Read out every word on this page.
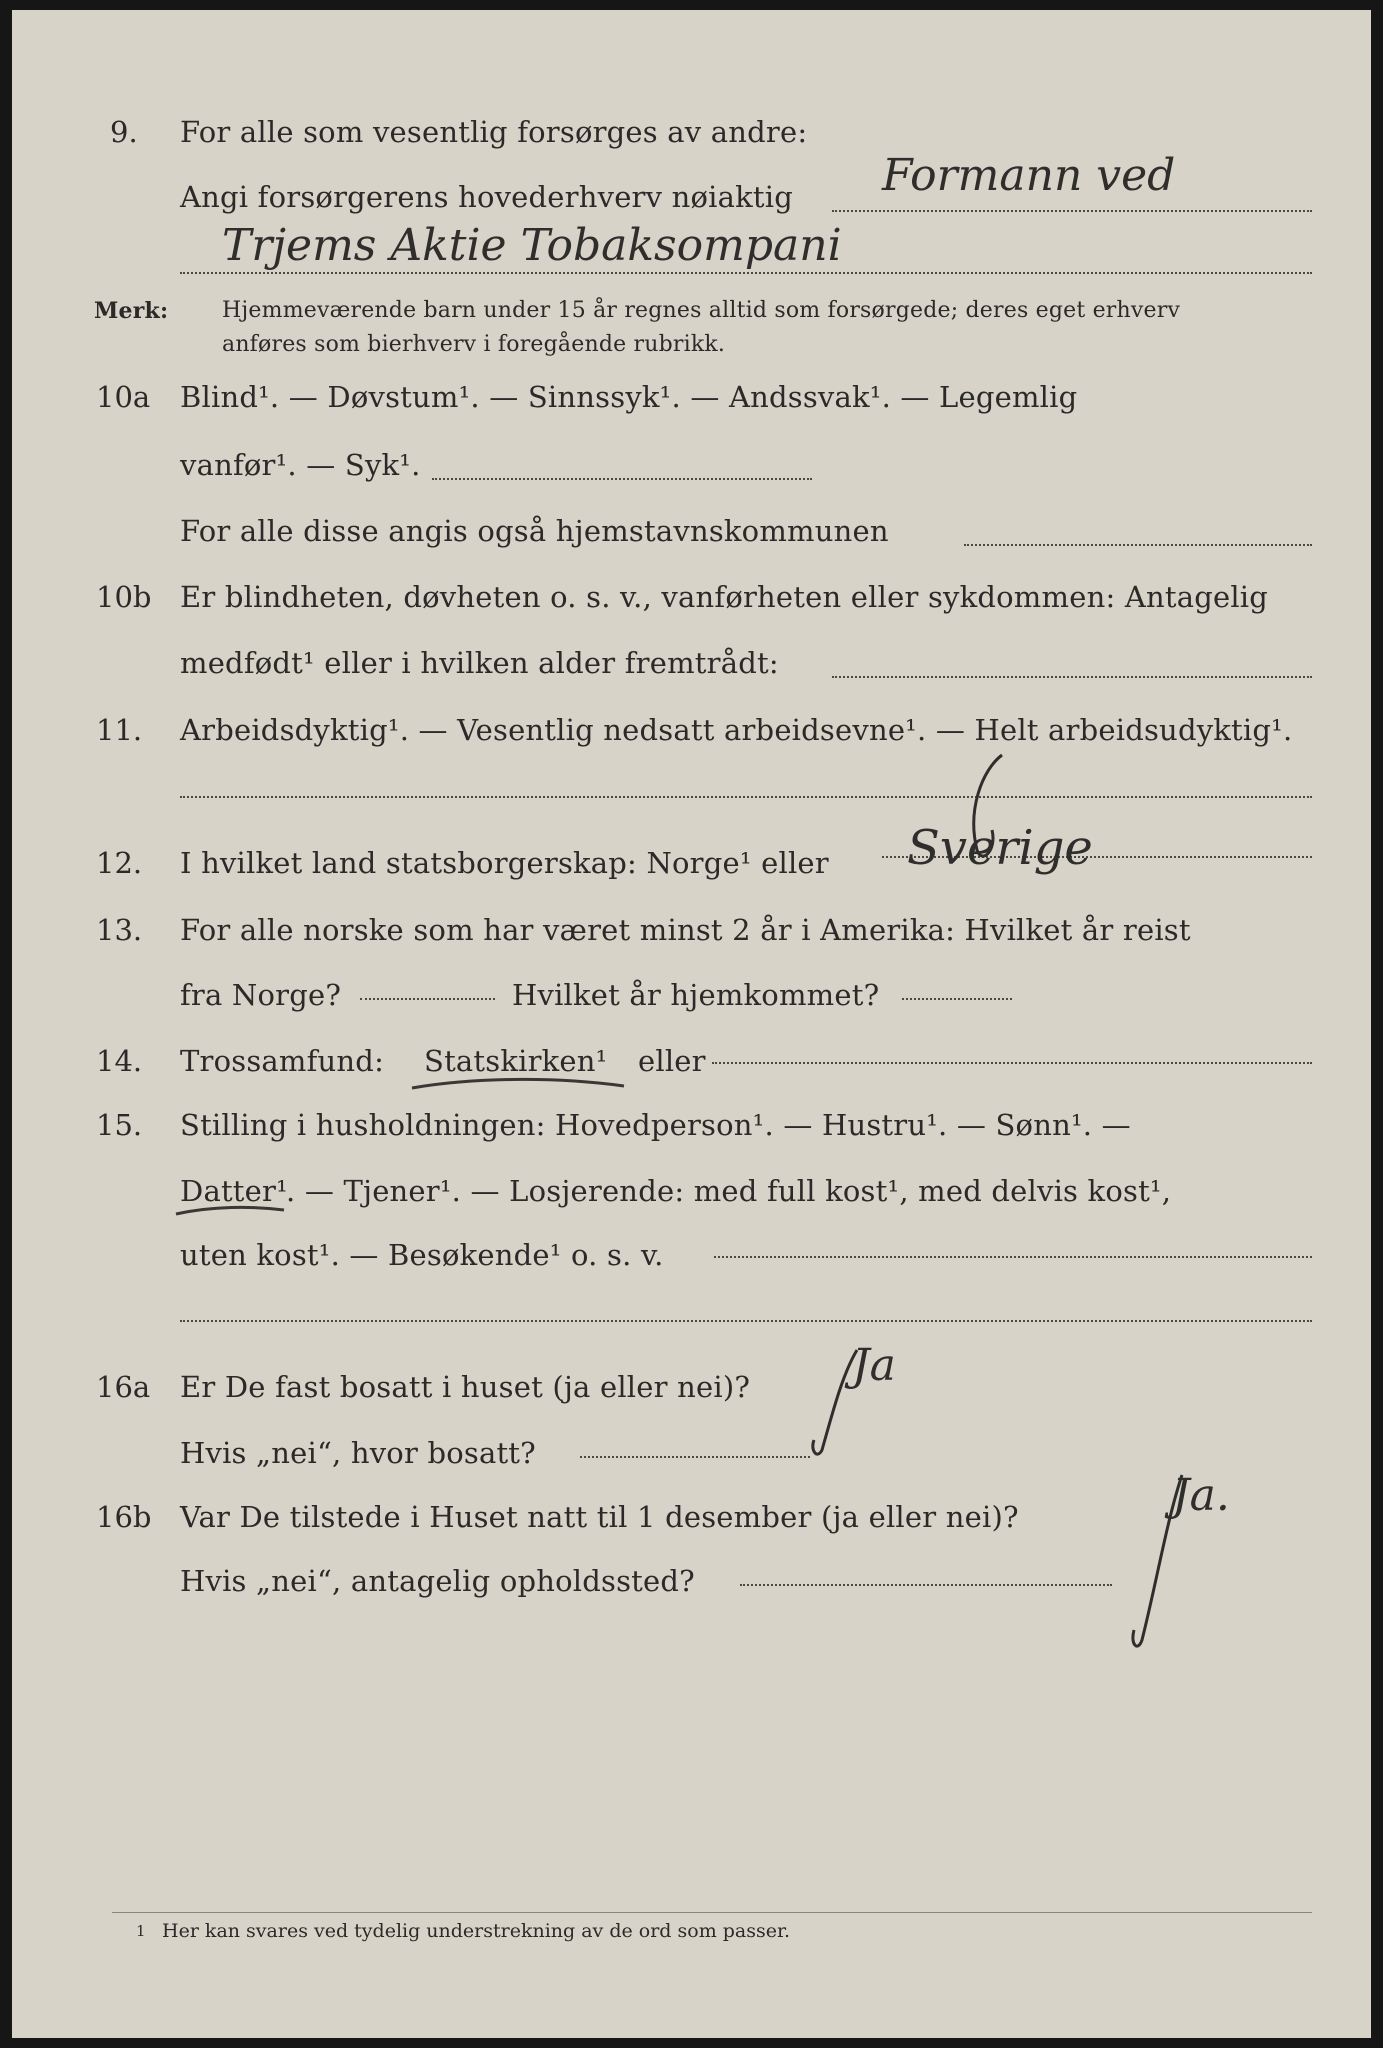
9. For alle som vesentlig forsørges av andre:
Angi forsørgerens hovederhverv nøiaktig Formann ved
Trjems Aktie Tobaksompani
Merk: Hjemmeværende barn under 15 år regnes alltid som forsørgede; deres eget erhverv
anføres som bierhverv i foregående rubrikk.
10a Blind¹. — Døvstum¹. — Sinnssyk¹. — Andssvak¹. — Legemlig
vanfør¹. — Syk¹.
For alle disse angis også hjemstavnskommunen
10b Er blindheten, døvheten o. s. v., vanførheten eller sykdommen: Antagelig
medfødt¹ eller i hvilken alder fremtrådt:
11. Arbeidsdyktig¹. — Vesentlig nedsatt arbeidsevne¹. — Helt arbeidsudyktig¹.
12. I hvilket land statsborgerskap: Norge¹ eller Sverige
13. For alle norske som har været minst 2 år i Amerika: Hvilket år reist
fra Norge?	Hvilket år hjemkommet?
14. Trossamfund: Statskirken¹ eller
15. Stilling i husholdningen: Hovedperson¹. — Hustru¹. — Sønn¹. —
Datter¹
. — Tjener¹. — Losjerende: med full kost¹, med delvis kost¹,
uten kost¹. — Besøkende¹ o. s. v.
16a Er De fast bosatt i huset (ja eller nei)? Ja
Hvis „nei“, hvor bosatt?
16b Var De tilstede i Huset natt til 1 desember (ja eller nei)?	Ja.
Hvis „nei“, antagelig opholdssted?
1 Her kan svares ved tydelig understrekning av de ord som passer.
